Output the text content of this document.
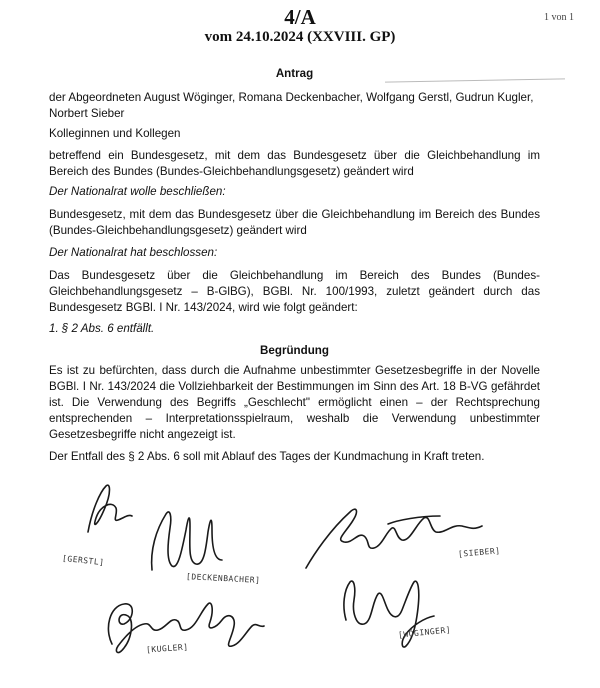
1 von 1
4/A
vom 24.10.2024 (XXVIII. GP)

Antrag

der Abgeordneten August Wöginger, Romana Deckenbacher, Wolfgang Gerstl, Gudrun Kugler, Norbert Sieber

Kolleginnen und Kollegen

betreffend ein Bundesgesetz, mit dem das Bundesgesetz über die Gleichbehandlung im Bereich des Bundes (Bundes-Gleichbehandlungsgesetz) geändert wird

Der Nationalrat wolle beschließen:

Bundesgesetz, mit dem das Bundesgesetz über die Gleichbehandlung im Bereich des Bundes (Bundes-Gleichbehandlungsgesetz) geändert wird

Der Nationalrat hat beschlossen:

Das Bundesgesetz über die Gleichbehandlung im Bereich des Bundes (Bundes-Gleichbehandlungsgesetz – B-GlBG), BGBl. Nr. 100/1993, zuletzt geändert durch das Bundesgesetz BGBl. I Nr. 143/2024, wird wie folgt geändert:

1. § 2 Abs. 6 entfällt.

Begründung

Es ist zu befürchten, dass durch die Aufnahme unbestimmter Gesetzesbegriffe in der Novelle BGBl. I Nr. 143/2024 die Vollziehbarkeit der Bestimmungen im Sinn des Art. 18 B-VG gefährdet ist. Die Verwendung des Begriffs „Geschlecht" ermöglicht einen – der Rechtsprechung entsprechenden – Interpretationsspielraum, weshalb die Verwendung unbestimmter Gesetzesbegriffe nicht angezeigt ist.

Der Entfall des § 2 Abs. 6 soll mit Ablauf des Tages der Kundmachung in Kraft treten.

[ GERSTL ]
[ DECKENBACHER ]
[ SIEBER ]
[ KUGLER ]
[ WÖGINGER ]
